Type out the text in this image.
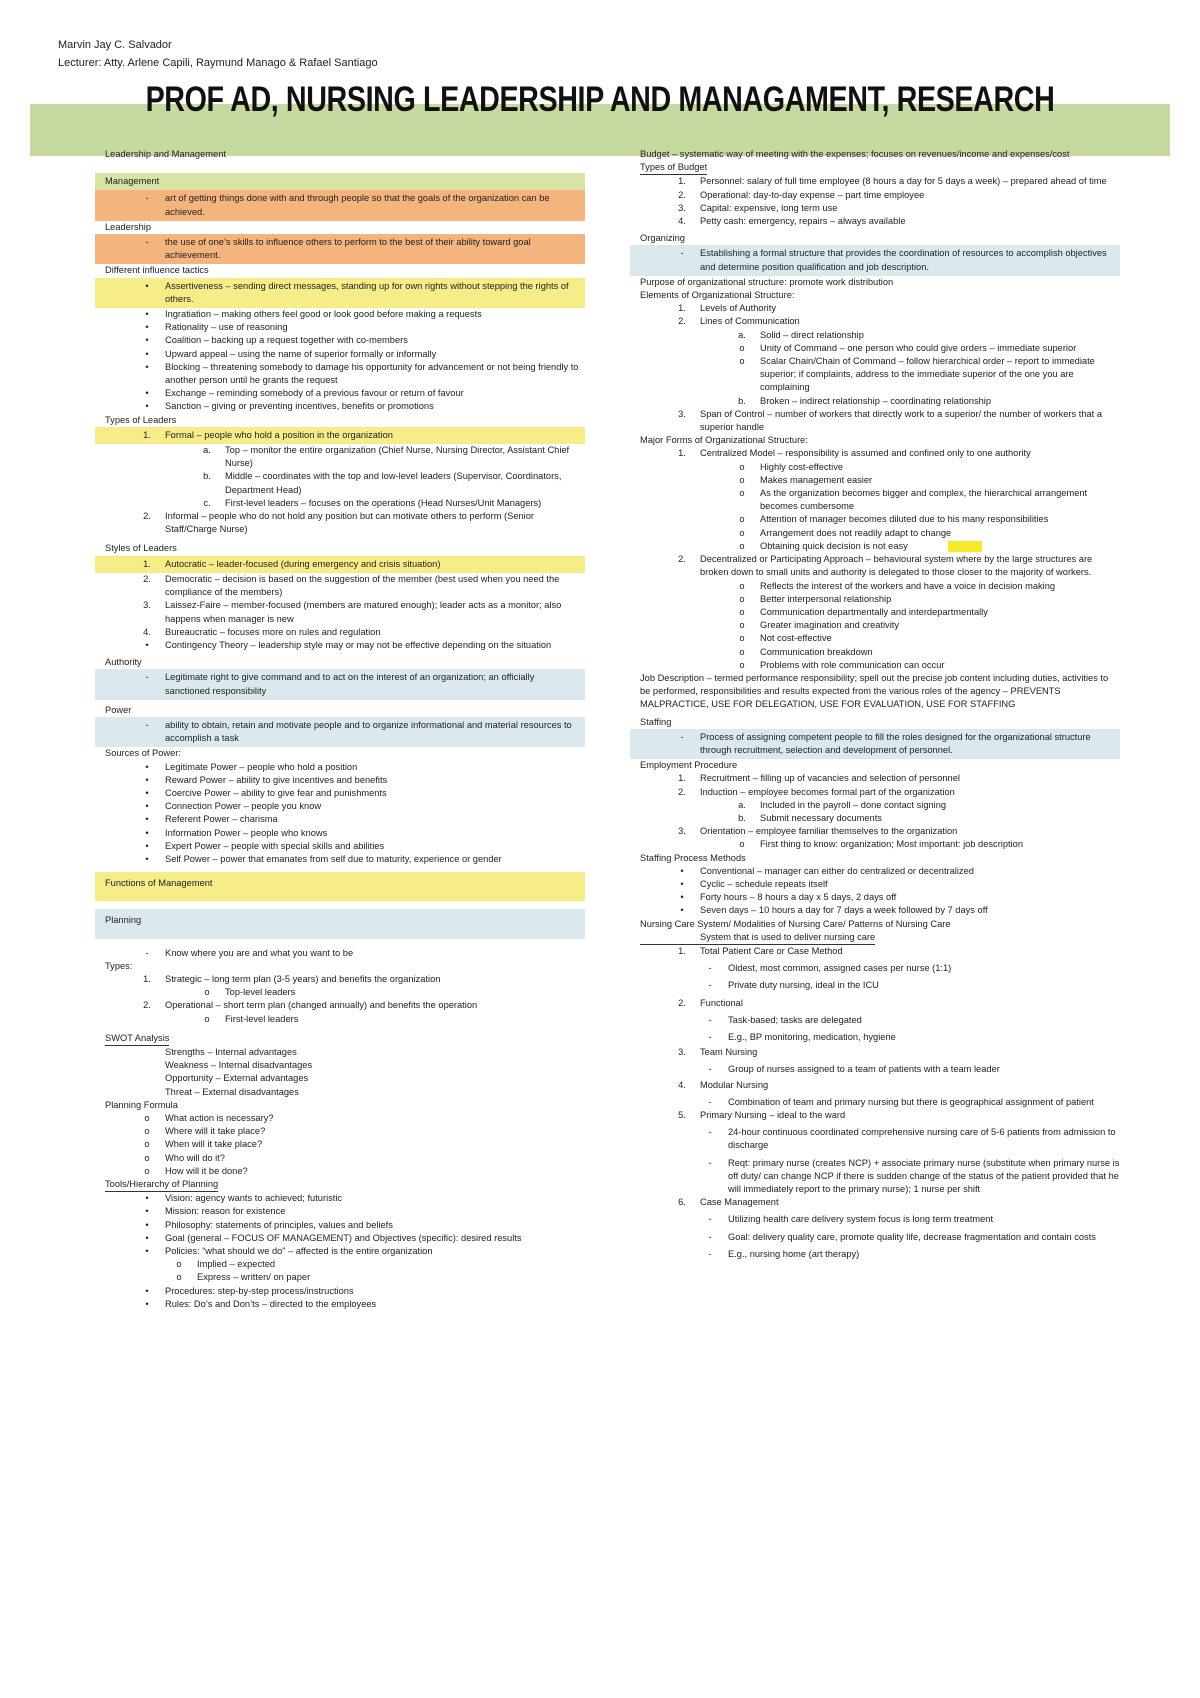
Marvin Jay C. Salvador
Lecturer: Atty. Arlene Capili, Raymund Manago & Rafael Santiago
PROF AD, NURSING LEADERSHIP AND MANAGAMENT, RESEARCH
Leadership and Management
Management
-	art of getting things done with and through people so that the goals of the organization can be achieved.
Leadership
-	the use of one’s skills to influence others to perform to the best of their ability toward goal achievement.
Different influence tactics
•	Assertiveness – sending direct messages, standing up for own rights without stepping the rights of others.
•	Ingratiation – making others feel good or look good before making a requests
•	Rationality – use of reasoning
•	Coalition – backing up a request together with co-members
•	Upward appeal – using the name of superior formally or informally
•	Blocking – threatening somebody to damage his opportunity for advancement or not being friendly to another person until he grants the request
•	Exchange – reminding somebody of a previous favour or return of favour
•	Sanction – giving or preventing incentives, benefits or promotions
Types of Leaders
1.	Formal – people who hold a position in the organization
a.	Top – monitor the entire organization (Chief Nurse, Nursing Director, Assistant Chief Nurse)
b.	Middle – coordinates with the top and low-level leaders (Supervisor, Coordinators, Department Head)
c.	First-level leaders – focuses on the operations (Head Nurses/Unit Managers)
2.	Informal – people who do not hold any position but can motivate others to perform (Senior Staff/Charge Nurse)
Styles of Leaders
1.	Autocratic – leader-focused (during emergency and crisis situation)
2.	Democratic – decision is based on the suggestion of the member (best used when you need the compliance of the members)
3.	Laissez-Faire – member-focused (members are matured enough); leader acts as a monitor; also happens when manager is new
4.	Bureaucratic – focuses more on rules and regulation
•	Contingency Theory – leadership style may or may not be effective depending on the situation
Authority
-	Legitimate right to give command and to act on the interest of an organization; an officially sanctioned responsibility
Power
-	ability to obtain, retain and motivate people and to organize informational and material resources to accomplish a task
Sources of Power:
•	Legitimate Power – people who hold a position
•	Reward Power – ability to give incentives and benefits
•	Coercive Power – ability to give fear and punishments
•	Connection Power – people you know
•	Referent Power – charisma
•	Information Power – people who knows
•	Expert Power – people with special skills and abilities
•	Self Power – power that emanates from self due to maturity, experience or gender
Functions of Management
Planning
-	Know where you are and what you want to be
Types:
1.	Strategic – long term plan (3-5 years) and benefits the organization
o	Top-level leaders
2.	Operational – short term plan (changed annually) and benefits the operation
o	First-level leaders
SWOT Analysis
Strengths – Internal advantages
Weakness – Internal disadvantages
Opportunity – External advantages
Threat – External disadvantages
Planning Formula
o	What action is necessary?
o	Where will it take place?
o	When will it take place?
o	Who will do it?
o	How will it be done?
Tools/Hierarchy of Planning
•	Vision: agency wants to achieved; futuristic
•	Mission: reason for existence
•	Philosophy: statements of principles, values and beliefs
•	Goal (general – FOCUS OF MANAGEMENT) and Objectives (specific): desired results
•	Policies: “what should we do” – affected is the entire organization
o	Implied – expected
o	Express – written/ on paper
•	Procedures: step-by-step process/instructions
•	Rules: Do’s and Don’ts – directed to the employees
Budget – systematic way of meeting with the expenses; focuses on revenues/income and expenses/cost
Types of Budget
1.	Personnel: salary of full time employee (8 hours a day for 5 days a week) – prepared ahead of time
2.	Operational: day-to-day expense – part time employee
3.	Capital: expensive, long term use
4.	Petty cash: emergency, repairs – always available
Organizing
-	Establishing a formal structure that provides the coordination of resources to accomplish objectives and determine position qualification and job description.
Purpose of organizational structure: promote work distribution
Elements of Organizational Structure:
1.	Levels of Authority
2.	Lines of Communication
a.	Solid – direct relationship
o	Unity of Command – one person who could give orders – immediate superior
o	Scalar Chain/Chain of Command – follow hierarchical order – report to immediate superior; if complaints, address to the immediate superior of the one you are complaining
b.	Broken – indirect relationship – coordinating relationship
3.	Span of Control – number of workers that directly work to a superior/ the number of workers that a superior handle
Major Forms of Organizational Structure:
1.	Centralized Model – responsibility is assumed and confined only to one authority
o	Highly cost-effective
o	Makes management easier
o	As the organization becomes bigger and complex, the hierarchical arrangement becomes cumbersome
o	Attention of manager becomes diluted due to his many responsibilities
o	Arrangement does not readily adapt to change
o	Obtaining quick decision is not easy
2.	Decentralized or Participating Approach – behavioural system where by the large structures are broken down to small units and authority is delegated to those closer to the majority of workers.
o	Reflects the interest of the workers and have a voice in decision making
o	Better interpersonal relationship
o	Communication departmentally and interdepartmentally
o	Greater imagination and creativity
o	Not cost-effective
o	Communication breakdown
o	Problems with role communication can occur
Job Description – termed performance responsibility; spell out the precise job content including duties, activities to be performed, responsibilities and results expected from the various roles of the agency – PREVENTS MALPRACTICE, USE FOR DELEGATION, USE FOR EVALUATION, USE FOR STAFFING
Staffing
-	Process of assigning competent people to fill the roles designed for the organizational structure through recruitment, selection and development of personnel.
Employment Procedure
1.	Recruitment – filling up of vacancies and selection of personnel
2.	Induction – employee becomes formal part of the organization
a.	Included in the payroll – done contact signing
b.	Submit necessary documents
3.	Orientation – employee familiar themselves to the organization
o	First thing to know: organization; Most important: job description
Staffing Process Methods
•	Conventional – manager can either do centralized or decentralized
•	Cyclic – schedule repeats itself
•	Forty hours – 8 hours a day x 5 days, 2 days off
•	Seven days – 10 hours a day for 7 days a week followed by 7 days off
Nursing Care System/ Modalities of Nursing Care/ Patterns of Nursing Care
System that is used to deliver nursing care
1.	Total Patient Care or Case Method
-	Oldest, most common, assigned cases per nurse (1:1)
-	Private duty nursing, ideal in the ICU
2.	Functional
-	Task-based; tasks are delegated
-	E.g., BP monitoring, medication, hygiene
3.	Team Nursing
-	Group of nurses assigned to a team of patients with a team leader
4.	Modular Nursing
-	Combination of team and primary nursing but there is geographical assignment of patient
5.	Primary Nursing – ideal to the ward
-	24-hour continuous coordinated comprehensive nursing care of 5-6 patients from admission to discharge
-	Reqt: primary nurse (creates NCP) + associate primary nurse (substitute when primary nurse is off duty/ can change NCP if there is sudden change of the status of the patient provided that he will immediately report to the primary nurse); 1 nurse per shift
6.	Case Management
-	Utilizing health care delivery system focus is long term treatment
-	Goal: delivery quality care, promote quality life, decrease fragmentation and contain costs
-	E.g., nursing home (art therapy)
